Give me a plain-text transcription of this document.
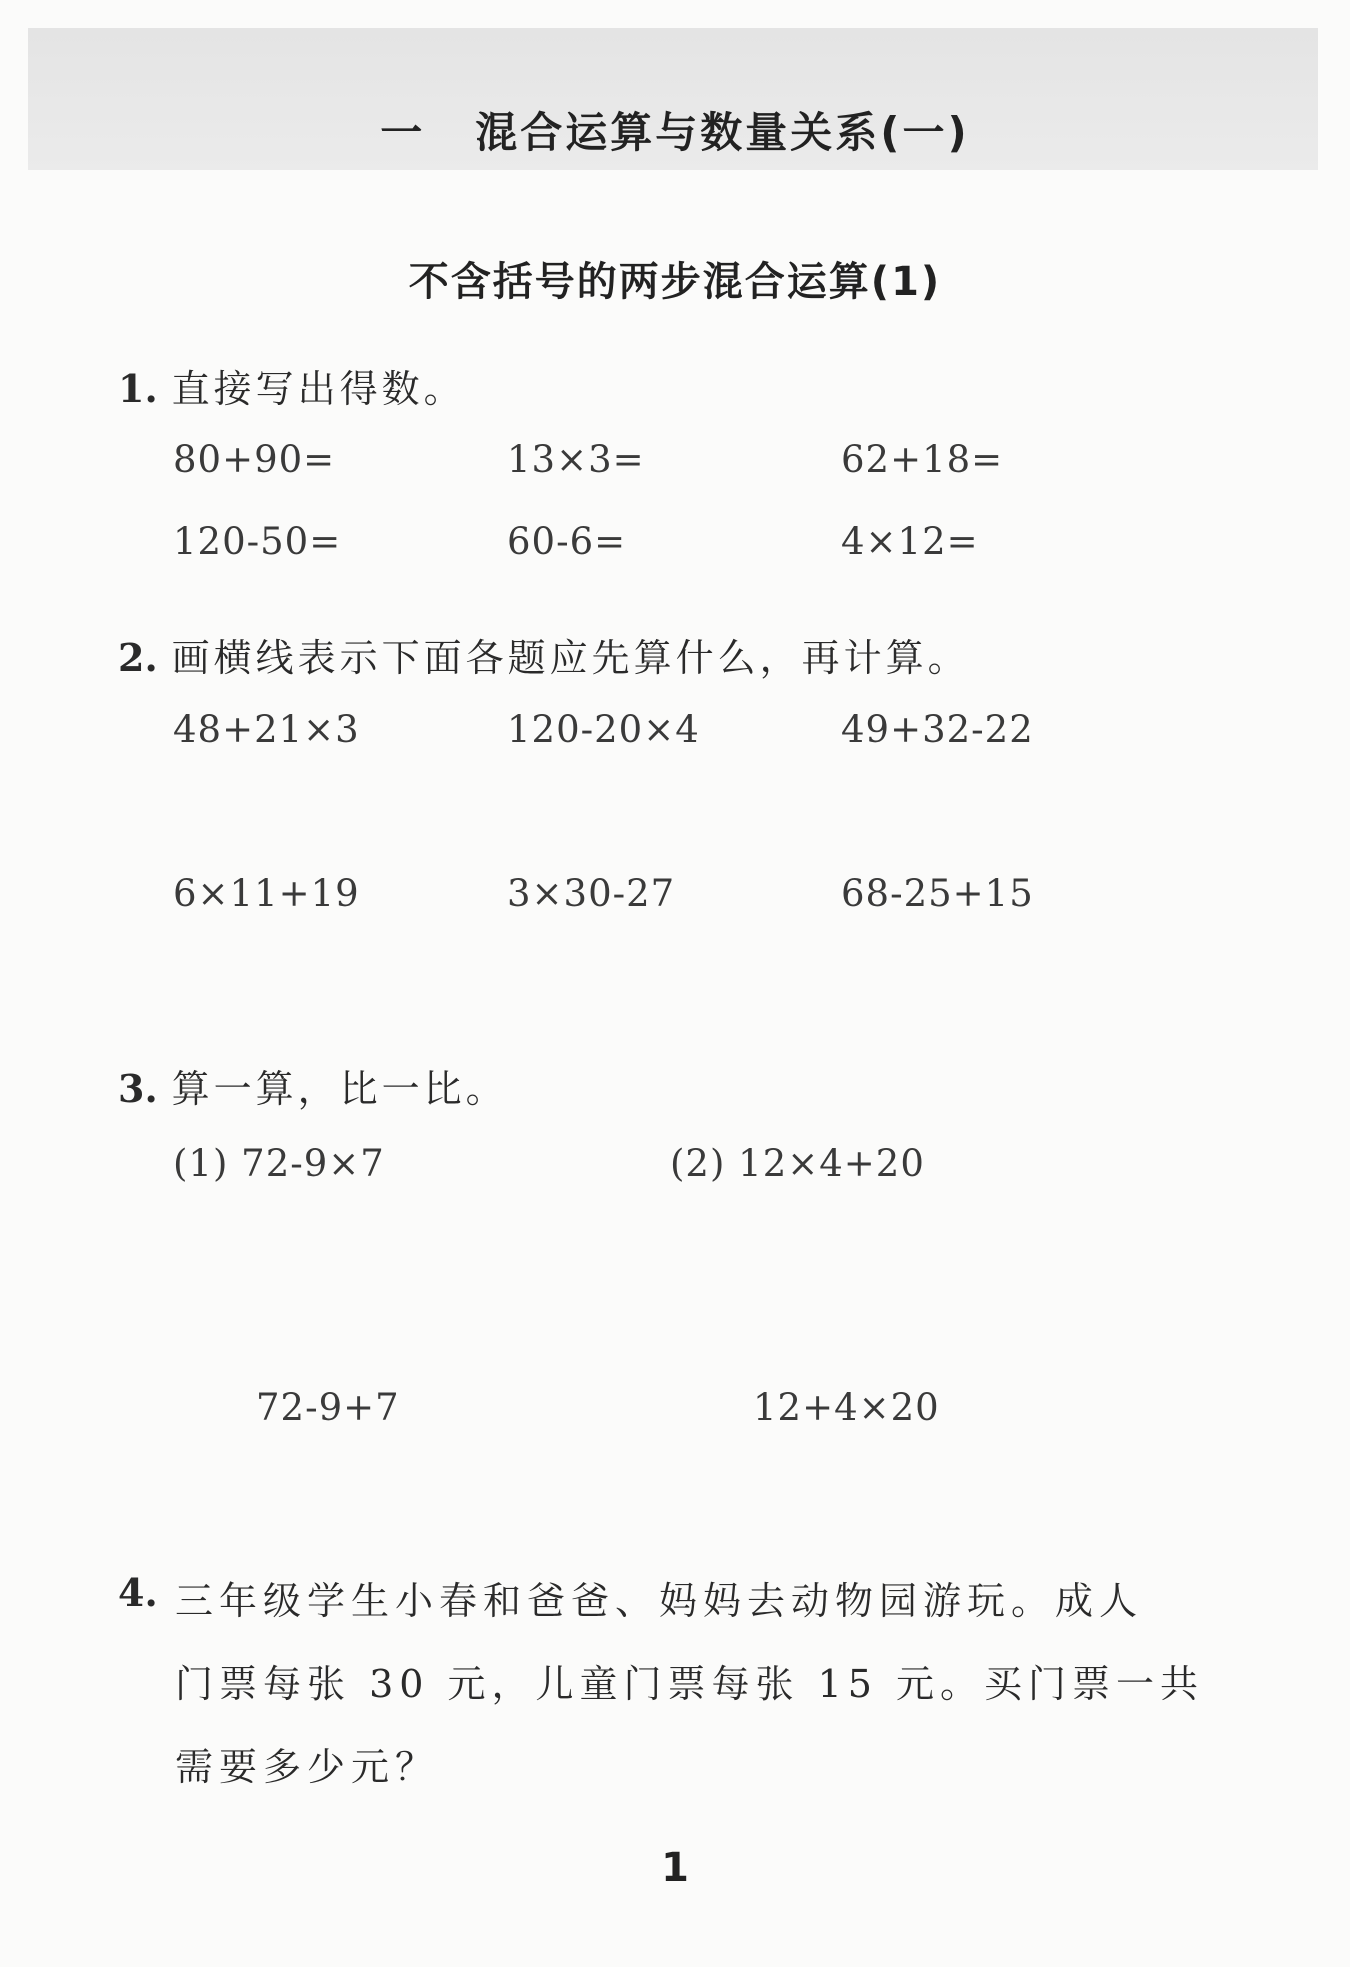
一 混合运算与数量关系(一)
不含括号的两步混合运算(1)
1. 直接写出得数。
80+90=	13×3=	62+18=
120-50=	60-6=	4×12=
2. 画横线表示下面各题应先算什么，再计算。
48+21×3	120-20×4	49+32-22
6×11+19	3×30-27	68-25+15
3. 算一算，比一比。
(1) 72-9×7	(2) 12×4+20
72-9+7	12+4×20
4. 三年级学生小春和爸爸、妈妈去动物园游玩。成人
门票每张 30 元，儿童门票每张 15 元。买门票一共
需要多少元？
1
